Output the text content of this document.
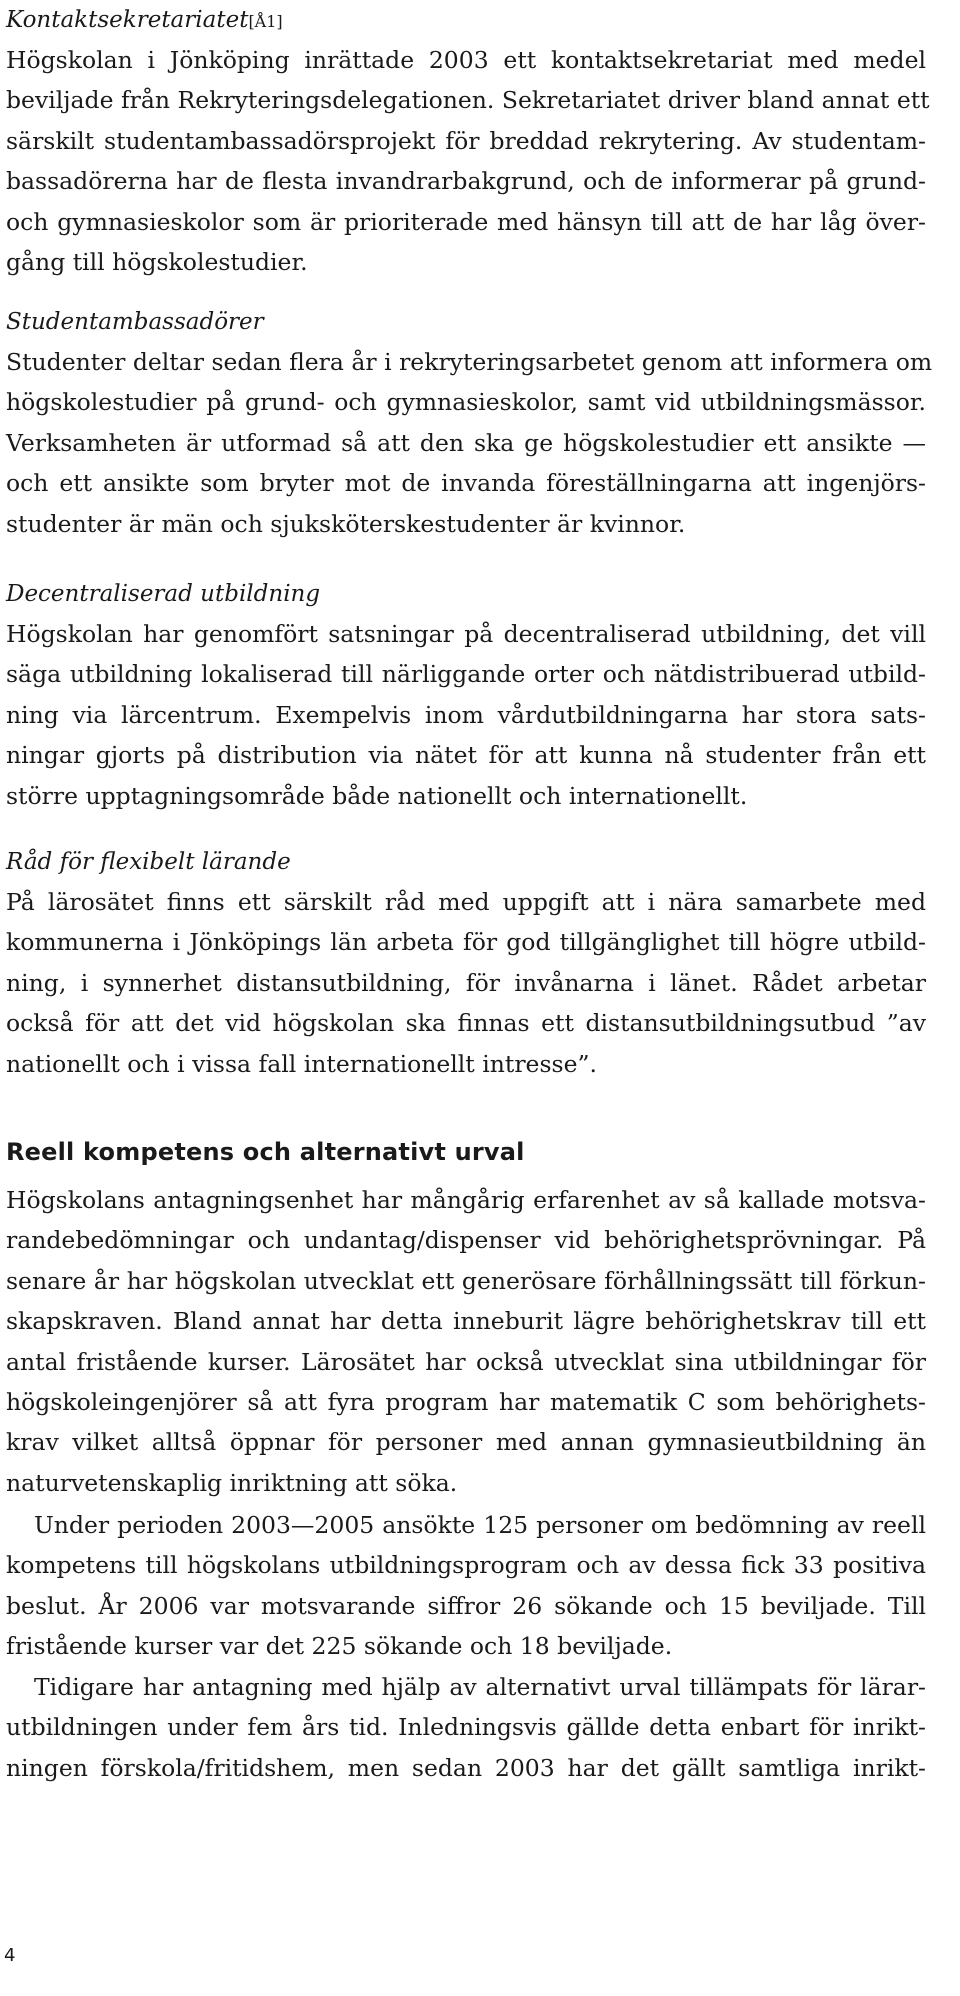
Kontaktsekretariatet[Å1]
Högskolan i Jönköping inrättade 2003 ett kontaktsekretariat med medel
beviljade från Rekryteringsdelegationen. Sekretariatet driver bland annat ett
särskilt studentambassadörsprojekt för breddad rekrytering. Av studentam-
bassadörerna har de flesta invandrarbakgrund, och de informerar på grund-
och gymnasieskolor som är prioriterade med hänsyn till att de har låg över-
gång till högskolestudier.
Studentambassadörer
Studenter deltar sedan flera år i rekryteringsarbetet genom att informera om
högskolestudier på grund- och gymnasieskolor, samt vid utbildningsmässor.
Verksamheten är utformad så att den ska ge högskolestudier ett ansikte —
och ett ansikte som bryter mot de invanda föreställningarna att ingenjörs-
studenter är män och sjuksköterskestudenter är kvinnor.
Decentraliserad utbildning
Högskolan har genomfört satsningar på decentraliserad utbildning, det vill
säga utbildning lokaliserad till närliggande orter och nätdistribuerad utbild-
ning via lärcentrum. Exempelvis inom vårdutbildningarna har stora sats-
ningar gjorts på distribution via nätet för att kunna nå studenter från ett
större upptagningsområde både nationellt och internationellt.
Råd för flexibelt lärande
På lärosätet finns ett särskilt råd med uppgift att i nära samarbete med
kommunerna i Jönköpings län arbeta för god tillgänglighet till högre utbild-
ning, i synnerhet distansutbildning, för invånarna i länet. Rådet arbetar
också för att det vid högskolan ska finnas ett distansutbildningsutbud ”av
nationellt och i vissa fall internationellt intresse”.
Reell kompetens och alternativt urval
Högskolans antagningsenhet har mångårig erfarenhet av så kallade motsva-
randebedömningar och undantag/dispenser vid behörighetsprövningar. På
senare år har högskolan utvecklat ett generösare förhållningssätt till förkun-
skapskraven. Bland annat har detta inneburit lägre behörighetskrav till ett
antal fristående kurser. Lärosätet har också utvecklat sina utbildningar för
högskoleingenjörer så att fyra program har matematik C som behörighets-
krav vilket alltså öppnar för personer med annan gymnasieutbildning än
naturvetenskaplig inriktning att söka.
Under perioden 2003—2005 ansökte 125 personer om bedömning av reell
kompetens till högskolans utbildningsprogram och av dessa fick 33 positiva
beslut. År 2006 var motsvarande siffror 26 sökande och 15 beviljade. Till
fristående kurser var det 225 sökande och 18 beviljade.
Tidigare har antagning med hjälp av alternativt urval tillämpats för lärar-
utbildningen under fem års tid. Inledningsvis gällde detta enbart för inrikt-
ningen förskola/fritidshem, men sedan 2003 har det gällt samtliga inrikt-
4
